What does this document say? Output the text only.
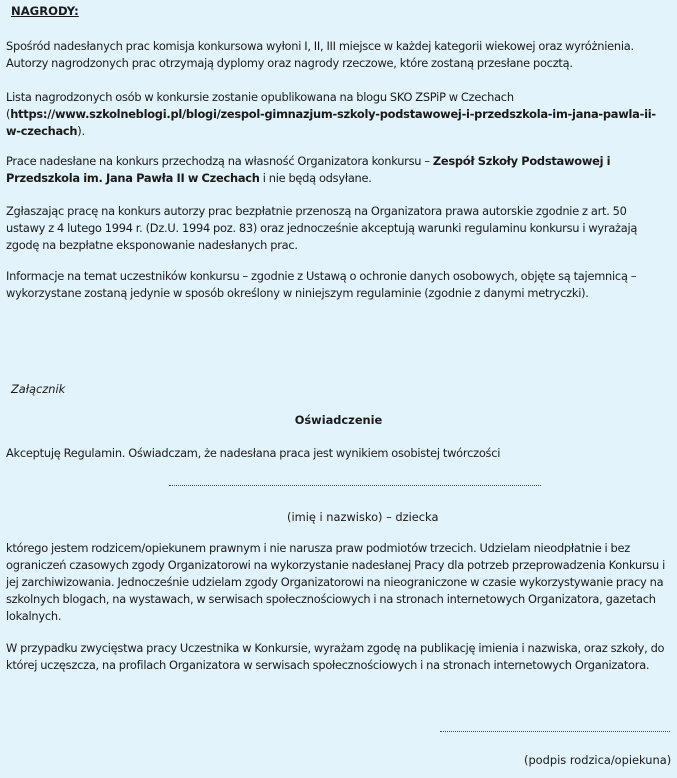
NAGRODY:

Spośród nadesłanych prac komisja konkursowa wyłoni I, II, III miejsce w każdej kategorii wiekowej oraz wyróżnienia. Autorzy nagrodzonych prac otrzymają dyplomy oraz nagrody rzeczowe, które zostaną przesłane pocztą.

Lista nagrodzonych osób w konkursie zostanie opublikowana na blogu SKO ZSPiP w Czechach (https://www.szkolneblogi.pl/blogi/zespol-gimnazjum-szkoly-podstawowej-i-przedszkola-im-jana-pawla-ii-w-czechach).

Prace nadesłane na konkurs przechodzą na własność Organizatora konkursu – Zespół Szkoły Podstawowej i Przedszkola im. Jana Pawła II w Czechach i nie będą odsyłane.

Zgłaszając pracę na konkurs autorzy prac bezpłatnie przenoszą na Organizatora prawa autorskie zgodnie z art. 50 ustawy z 4 lutego 1994 r. (Dz.U. 1994 poz. 83) oraz jednocześnie akceptują warunki regulaminu konkursu i wyrażają zgodę na bezpłatne eksponowanie nadesłanych prac.

Informacje na temat uczestników konkursu – zgodnie z Ustawą o ochronie danych osobowych, objęte są tajemnicą – wykorzystane zostaną jedynie w sposób określony w niniejszym regulaminie (zgodnie z danymi metryczki).

Załącznik
Oświadczenie
Akceptuję Regulamin. Oświadczam, że nadesłana praca jest wynikiem osobistej twórczości
(imię i nazwisko) – dziecka

którego jestem rodzicem/opiekunem prawnym i nie narusza praw podmiotów trzecich. Udzielam nieodpłatnie i bez ograniczeń czasowych zgody Organizatorowi na wykorzystanie nadesłanej Pracy dla potrzeb przeprowadzenia Konkursu i jej zarchiwizowania. Jednocześnie udzielam zgody Organizatorowi na nieograniczone w czasie wykorzystywanie pracy na szkolnych blogach, na wystawach, w serwisach społecznościowych i na stronach internetowych Organizatora, gazetach lokalnych.

W przypadku zwycięstwa pracy Uczestnika w Konkursie, wyrażam zgodę na publikację imienia i nazwiska, oraz szkoły, do której uczęszcza, na profilach Organizatora w serwisach społecznościowych i na stronach internetowych Organizatora.

(podpis rodzica/opiekuna)
